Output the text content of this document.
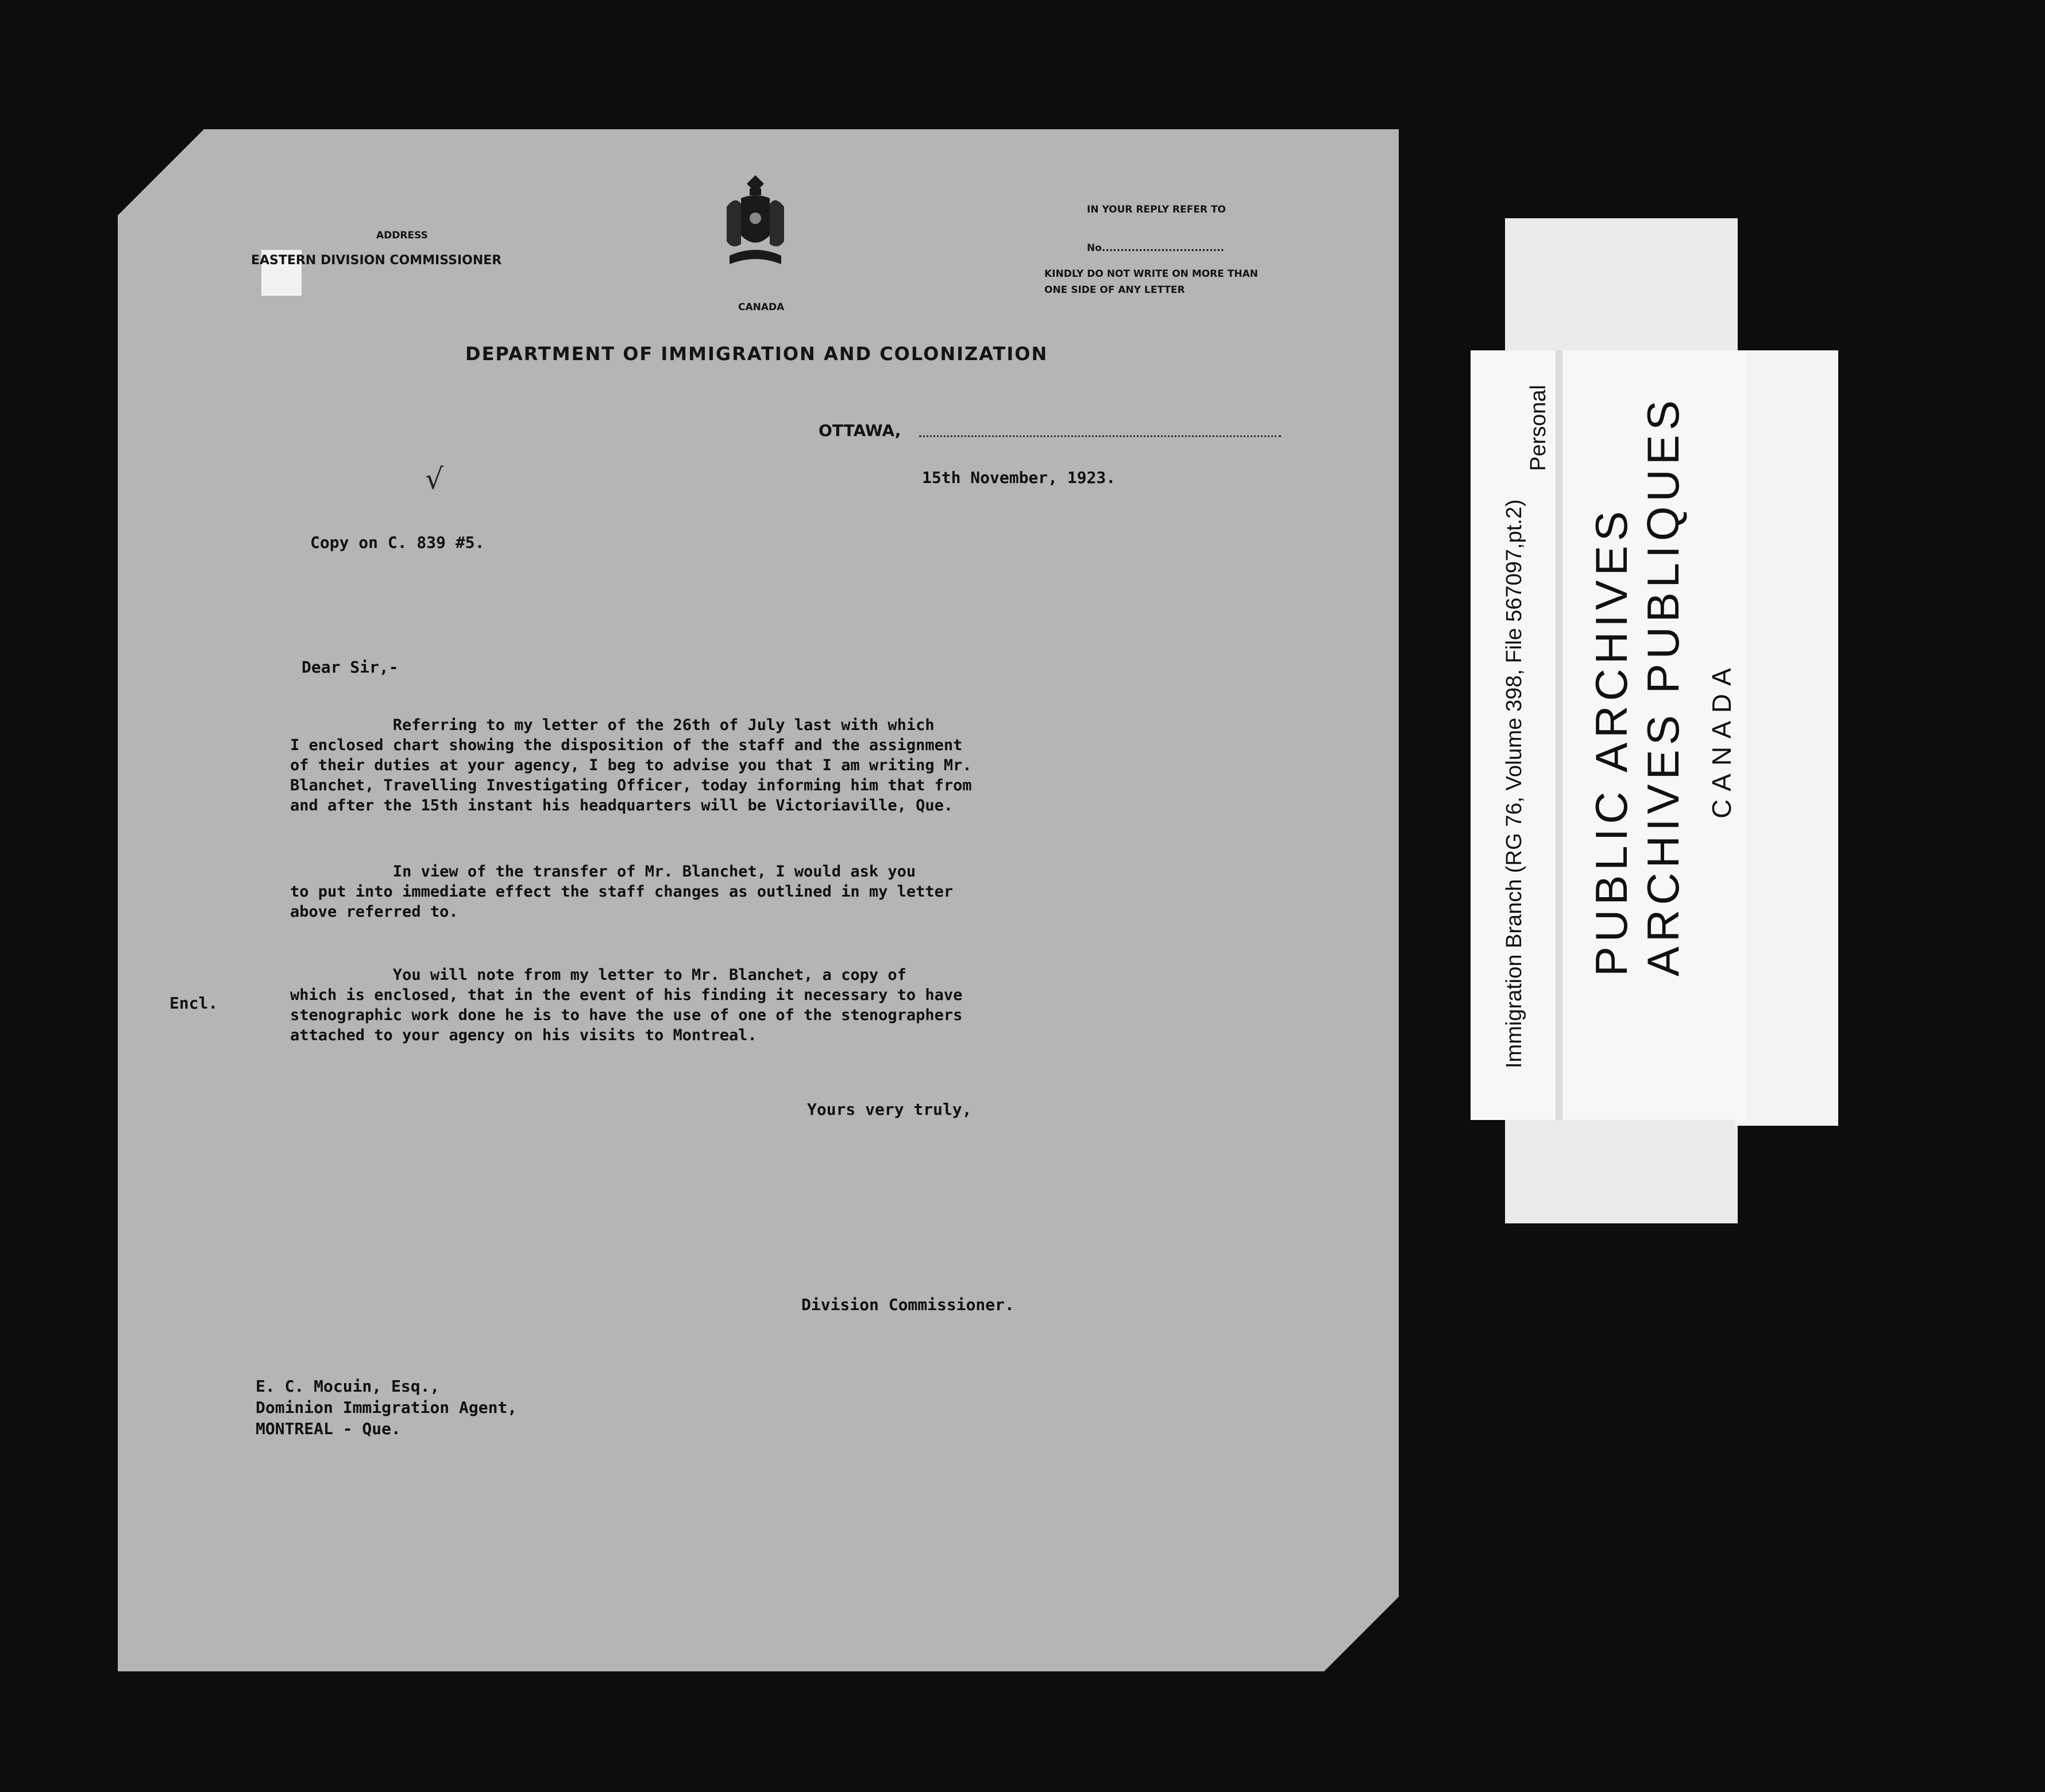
ADDRESS
EASTERN DIVISION COMMISSIONER
CANADA
IN YOUR REPLY REFER TO
No.................................
KINDLY DO NOT WRITE ON MORE THAN
ONE SIDE OF ANY LETTER
DEPARTMENT OF IMMIGRATION AND COLONIZATION
OTTAWA,
√	15th November, 1923.
Copy on C. 839 #5.
Dear Sir,-
Referring to my letter of the 26th of July last with which
I enclosed chart showing the disposition of the staff and the assignment
of their duties at your agency, I beg to advise you that I am writing Mr.
Blanchet, Travelling Investigating Officer, today informing him that from
and after the 15th instant his headquarters will be Victoriaville, Que.
In view of the transfer of Mr. Blanchet, I would ask you
to put into immediate effect the staff changes as outlined in my letter
above referred to.
You will note from my letter to Mr. Blanchet, a copy of
which is enclosed, that in the event of his finding it necessary to have
stenographic work done he is to have the use of one of the stenographers
attached to your agency on his visits to Montreal.
Encl.
Yours very truly,
Division Commissioner.
E. C. Mocuin, Esq.,
Dominion Immigration Agent,
MONTREAL - Que.
Immigration Branch (RG 76, Volume 398, File 567097,pt.2)
Personal
PUBLIC ARCHIVES ARCHIVES PUBLIQUES CANADA
